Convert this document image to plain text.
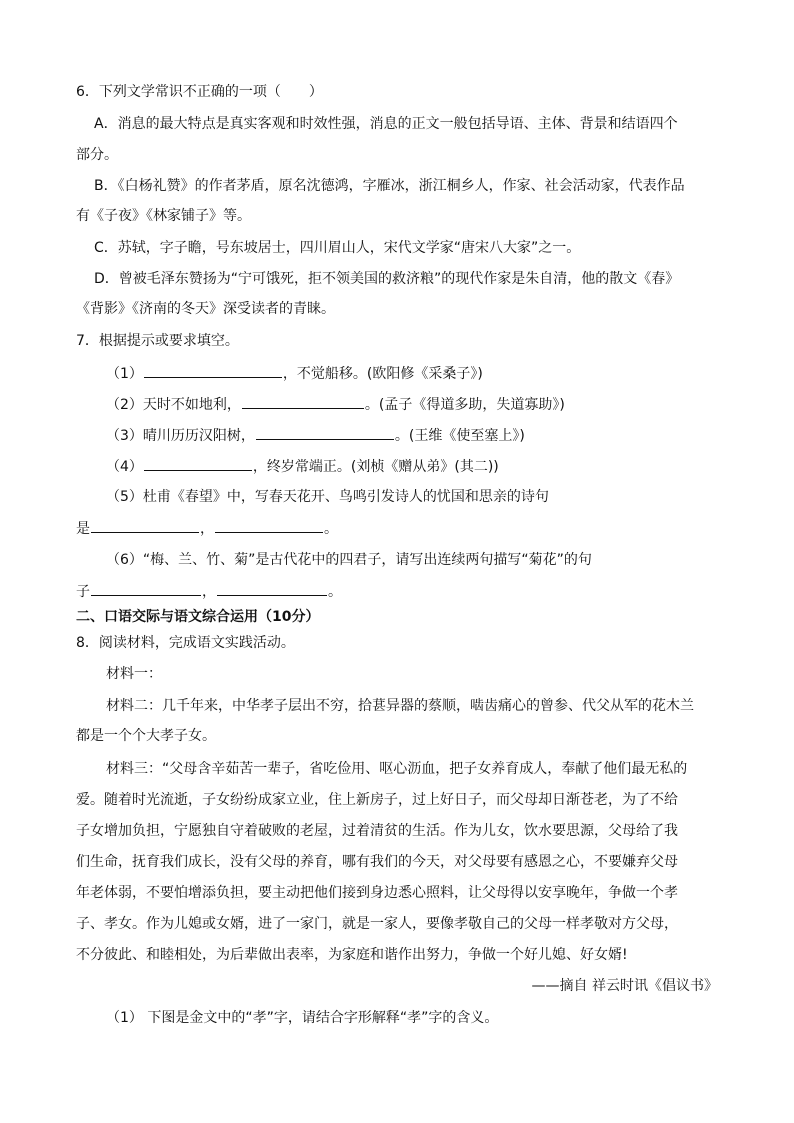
6．下列文学常识不正确的一项（　　）
A．消息的最大特点是真实客观和时效性强，消息的正文一般包括导语、主体、背景和结语四个
部分。
B．《白杨礼赞》的作者茅盾，原名沈德鸿，字雁冰，浙江桐乡人，作家、社会活动家，代表作品
有《子夜》《林家铺子》等。
C．苏轼，字子瞻，号东坡居士，四川眉山人，宋代文学家“唐宋八大家”之一。
D．曾被毛泽东赞扬为“宁可饿死，拒不领美国的救济粮”的现代作家是朱自清，他的散文《春》
《背影》《济南的冬天》深受读者的青睐。
7．根据提示或要求填空。
（1）	，不觉船移。(欧阳修《采桑子》)
（2）天时不如地利，	。(孟子《得道多助，失道寡助》)
（3）晴川历历汉阳树，	。(王维《使至塞上》)
（4）	，终岁常端正。(刘桢《赠从弟》(其二))
（5）杜甫《春望》中，写春天花开、鸟鸣引发诗人的忧国和思亲的诗句
是	，	。
（6）“梅、兰、竹、菊”是古代花中的四君子，请写出连续两句描写“菊花”的句
子	，	。
二、口语交际与语文综合运用（10分）
8．阅读材料，完成语文实践活动。
材料一：
材料二：几千年来，中华孝子层出不穷，拾葚异器的蔡顺，啮齿痛心的曾参、代父从军的花木兰
都是一个个大孝子女。
材料三：“父母含辛茹苦一辈子，省吃俭用、呕心沥血，把子女养育成人，奉献了他们最无私的
爱。随着时光流逝，子女纷纷成家立业，住上新房子，过上好日子，而父母却日渐苍老，为了不给
子女增加负担，宁愿独自守着破败的老屋，过着清贫的生活。作为儿女，饮水要思源，父母给了我
们生命，抚育我们成长，没有父母的养育，哪有我们的今天，对父母要有感恩之心，不要嫌弃父母
年老体弱，不要怕增添负担，要主动把他们接到身边悉心照料，让父母得以安享晚年，争做一个孝
子、孝女。作为儿媳或女婿，进了一家门，就是一家人，要像孝敬自己的父母一样孝敬对方父母，
不分彼此、和睦相处，为后辈做出表率，为家庭和谐作出努力，争做一个好儿媳、好女婿!
——摘自 祥云时讯《倡议书》
（1） 下图是金文中的“孝”字，请结合字形解释“孝”字的含义。
